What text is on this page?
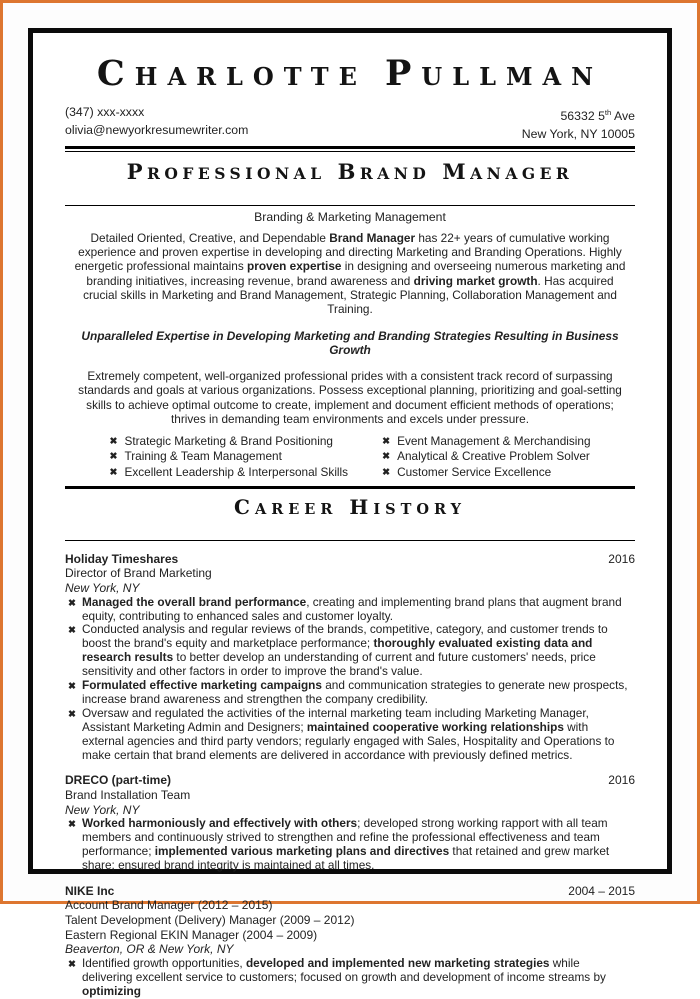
CHARLOTTE PULLMAN
(347) xxx-xxxx
olivia@newyorkresumewriter.com
56332 5th Ave
New York, NY 10005
PROFESSIONAL BRAND MANAGER
Branding & Marketing Management

Detailed Oriented, Creative, and Dependable Brand Manager has 22+ years of cumulative working experience and proven expertise in developing and directing Marketing and Branding Operations. Highly energetic professional maintains proven expertise in designing and overseeing numerous marketing and branding initiatives, increasing revenue, brand awareness and driving market growth. Has acquired crucial skills in Marketing and Brand Management, Strategic Planning, Collaboration Management and Training.

Unparalleled Expertise in Developing Marketing and Branding Strategies Resulting in Business Growth

Extremely competent, well-organized professional prides with a consistent track record of surpassing standards and goals at various organizations. Possess exceptional planning, prioritizing and goal-setting skills to achieve optimal outcome to create, implement and document efficient methods of operations; thrives in demanding team environments and excels under pressure.

✖ Strategic Marketing & Brand Positioning
✖ Training & Team Management
✖ Excellent Leadership & Interpersonal Skills
✖ Event Management & Merchandising
✖ Analytical & Creative Problem Solver
✖ Customer Service Excellence
CAREER HISTORY
Holiday Timeshares	2016
Director of Brand Marketing
New York, NY
✖ Managed the overall brand performance, creating and implementing brand plans that augment brand equity, contributing to enhanced sales and customer loyalty.
✖ Conducted analysis and regular reviews of the brands, competitive, category, and customer trends to boost the brand's equity and marketplace performance; thoroughly evaluated existing data and research results to better develop an understanding of current and future customers' needs, price sensitivity and other factors in order to improve the brand's value.
✖ Formulated effective marketing campaigns and communication strategies to generate new prospects, increase brand awareness and strengthen the company credibility.
✖ Oversaw and regulated the activities of the internal marketing team including Marketing Manager, Assistant Marketing Admin and Designers; maintained cooperative working relationships with external agencies and third party vendors; regularly engaged with Sales, Hospitality and Operations to make certain that brand elements are delivered in accordance with previously defined metrics.
DRECO (part-time)	2016
Brand Installation Team
New York, NY
✖ Worked harmoniously and effectively with others; developed strong working rapport with all team members and continuously strived to strengthen and refine the professional effectiveness and team performance; implemented various marketing plans and directives that retained and grew market share; ensured brand integrity is maintained at all times.
NIKE Inc	2004 – 2015
Account Brand Manager (2012 – 2015)
Talent Development (Delivery) Manager (2009 – 2012)
Eastern Regional EKIN Manager (2004 – 2009)
Beaverton, OR & New York, NY
✖ Identified growth opportunities, developed and implemented new marketing strategies while delivering excellent service to customers; focused on growth and development of income streams by optimizing
